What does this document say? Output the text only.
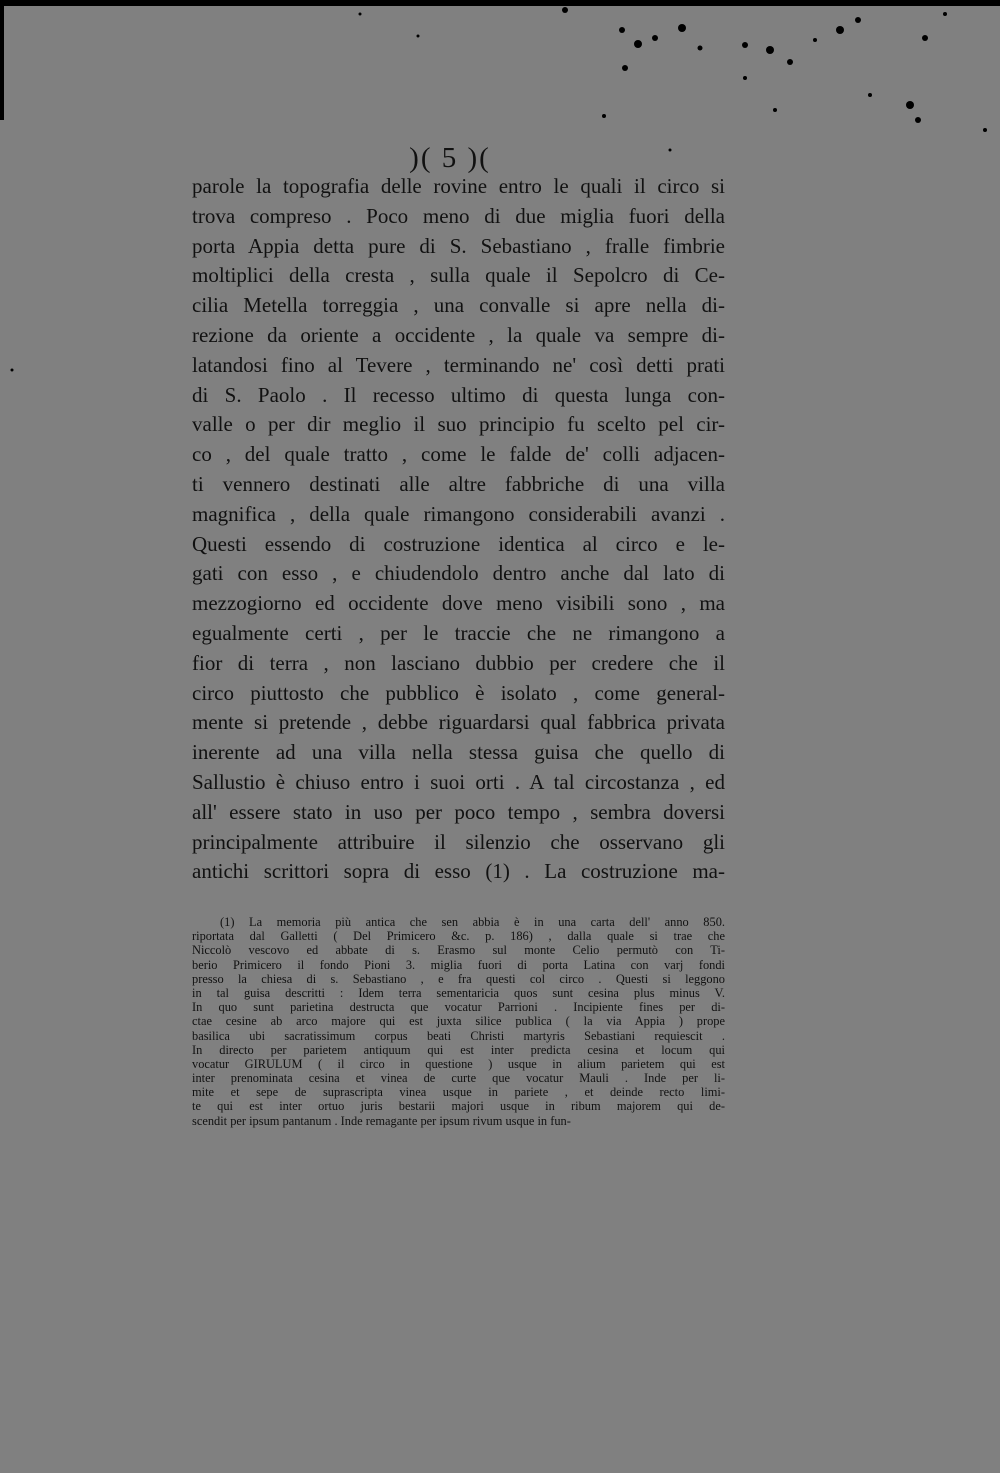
)( 5 )(
parole la topografia delle rovine entro le quali il circo si
trova compreso . Poco meno di due miglia fuori della
porta Appia detta pure di S. Sebastiano , fralle fimbrie
moltiplici della cresta , sulla quale il Sepolcro di Ce-
cilia Metella torreggia , una convalle si apre nella di-
rezione da oriente a occidente , la quale va sempre di-
latandosi fino al Tevere , terminando ne' così detti prati
di S. Paolo . Il recesso ultimo di questa lunga con-
valle o per dir meglio il suo principio fu scelto pel cir-
co , del quale tratto , come le falde de' colli adjacen-
ti vennero destinati alle altre fabbriche di una villa
magnifica , della quale rimangono considerabili avanzi .
Questi essendo di costruzione identica al circo e le-
gati con esso , e chiudendolo dentro anche dal lato di
mezzogiorno ed occidente dove meno visibili sono , ma
egualmente certi , per le traccie che ne rimangono a
fior di terra , non lasciano dubbio per credere che il
circo piuttosto che pubblico è isolato , come general-
mente si pretende , debbe riguardarsi qual fabbrica privata
inerente ad una villa nella stessa guisa che quello di
Sallustio è chiuso entro i suoi orti . A tal circostanza , ed
all' essere stato in uso per poco tempo , sembra doversi
principalmente attribuire il silenzio che osservano gli
antichi scrittori sopra di esso (1) . La costruzione ma-
(1) La memoria più antica che sen abbia è in una carta dell' anno 850.
riportata dal Galletti ( Del Primicero &c. p. 186) , dalla quale si trae che
Niccolò vescovo ed abbate di s. Erasmo sul monte Celio permutò con Ti-
berio Primicero il fondo Pioni 3. miglia fuori di porta Latina con varj fondi
presso la chiesa di s. Sebastiano , e fra questi col circo . Questi si leggono
in tal guisa descritti : Idem terra sementaricia quos sunt cesina plus minus V.
In quo sunt parietina destructa que vocatur Parrioni . Incipiente fines per di-
ctae cesine ab arco majore qui est juxta silice publica ( la via Appia ) prope
basilica ubi sacratissimum corpus beati Christi martyris Sebastiani requiescit .
In directo per parietem antiquum qui est inter predicta cesina et locum qui
vocatur GIRULUM ( il circo in questione ) usque in alium parietem qui est
inter prenominata cesina et vinea de curte que vocatur Mauli . Inde per li-
mite et sepe de suprascripta vinea usque in pariete , et deinde recto limi-
te qui est inter ortuo juris bestarii majori usque in ribum majorem qui de-
scendit per ipsum pantanum . Inde remagante per ipsum rivum usque in fun-
